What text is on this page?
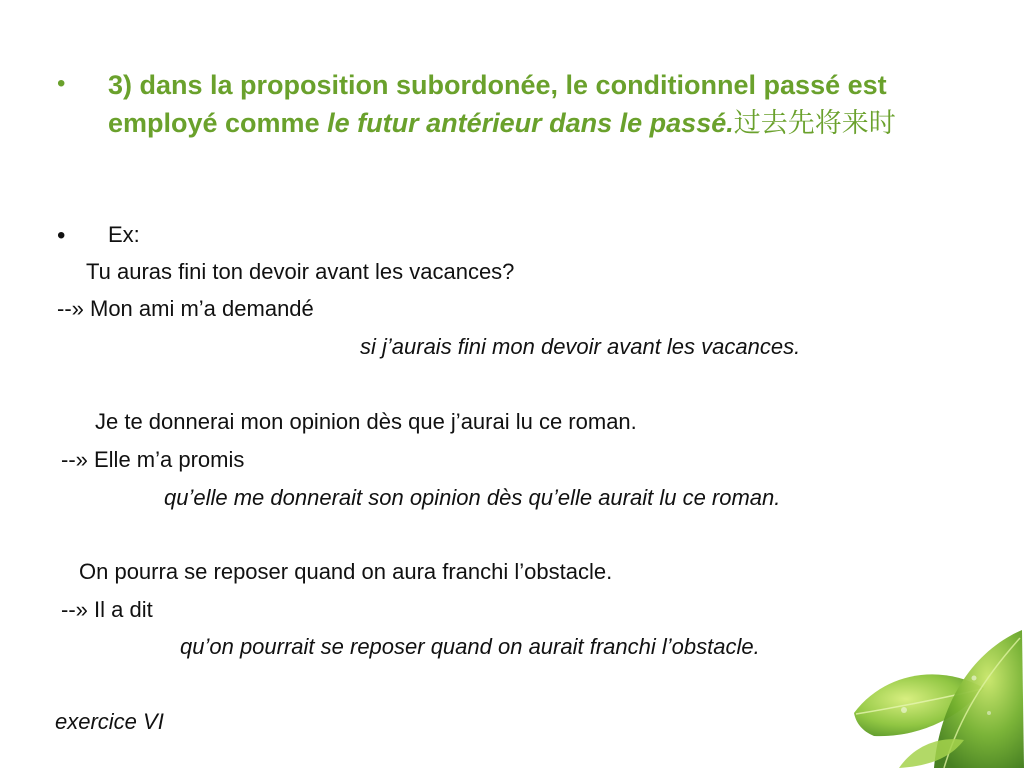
• 3) dans la proposition subordonée, le conditionnel passé est employé comme le futur antérieur dans le passé.过去先将来时
• Ex:
Tu auras fini ton devoir avant les vacances?
--» Mon ami m’a demandé
si j’aurais fini mon devoir avant les vacances.
Je te donnerai mon opinion dès que j’aurai lu ce roman.
--» Elle m’a promis
qu’elle me donnerait son opinion dès qu’elle aurait lu ce roman.
On pourra se reposer quand on aura franchi l’obstacle.
--» Il a dit
qu’on pourrait se reposer quand on aurait franchi l’obstacle.
exercice VI
